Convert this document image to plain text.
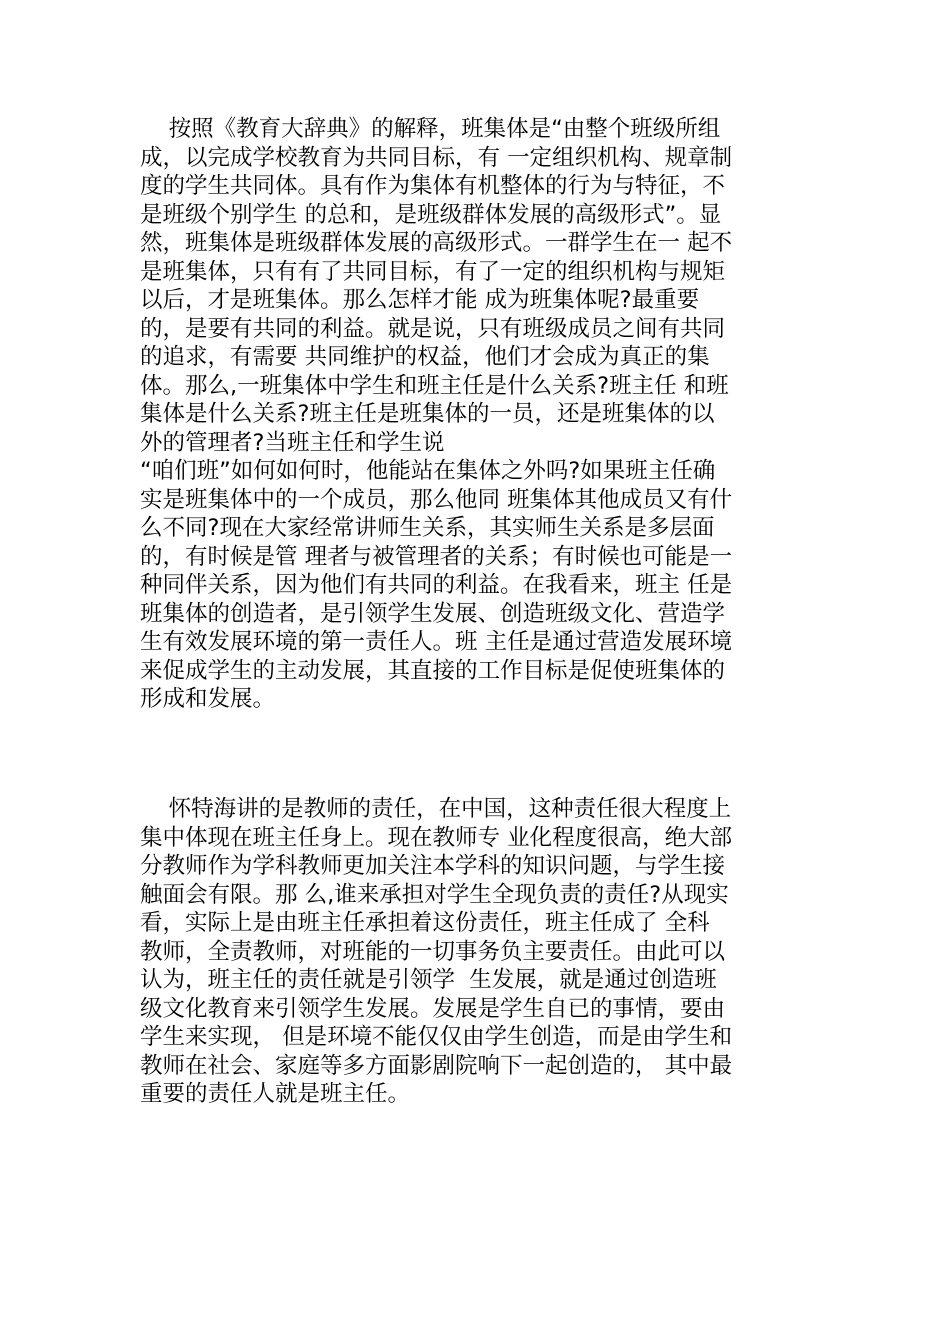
按照《教育大辞典》的解释，班集体是“由整个班级所组
成，以完成学校教育为共同目标，有 一定组织机构、规章制
度的学生共同体。具有作为集体有机整体的行为与特征，不
是班级个别学生 的总和，是班级群体发展的高级形式”。显
然，班集体是班级群体发展的高级形式。一群学生在一 起不
是班集体，只有有了共同目标，有了一定的组织机构与规矩
以后，才是班集体。那么怎样才能 成为班集体呢?最重要
的，是要有共同的利益。就是说，只有班级成员之间有共同
的追求，有需要 共同维护的权益，他们才会成为真正的集
体。那么,一班集体中学生和班主任是什么关系?班主任 和班
集体是什么关系?班主任是班集体的一员，还是班集体的以
外的管理者?当班主任和学生说
“咱们班”如何如何时，他能站在集体之外吗?如果班主任确
实是班集体中的一个成员，那么他同 班集体其他成员又有什
么不同?现在大家经常讲师生关系，其实师生关系是多层面
的，有时候是管 理者与被管理者的关系；有时候也可能是一
种同伴关系，因为他们有共同的利益。在我看来，班主 任是
班集体的创造者，是引领学生发展、创造班级文化、营造学
生有效发展环境的第一责任人。班 主任是通过营造发展环境
来促成学生的主动发展，其直接的工作目标是促使班集体的
形成和发展。
怀特海讲的是教师的责任，在中国，这种责任很大程度上
集中体现在班主任身上。现在教师专 业化程度很高，绝大部
分教师作为学科教师更加关注本学科的知识问题，与学生接
触面会有限。那 么,谁来承担对学生全现负责的责任?从现实
看，实际上是由班主任承担着这份责任，班主任成了 全科
教师，全责教师，对班能的一切事务负主要责任。由此可以
认为，班主任的责任就是引领学  生发展，就是通过创造班
级文化教育来引领学生发展。发展是学生自已的事情，要由
学生来实现， 但是环境不能仅仅由学生创造，而是由学生和
教师在社会、家庭等多方面影剧院响下一起创造的， 其中最
重要的责任人就是班主任。
